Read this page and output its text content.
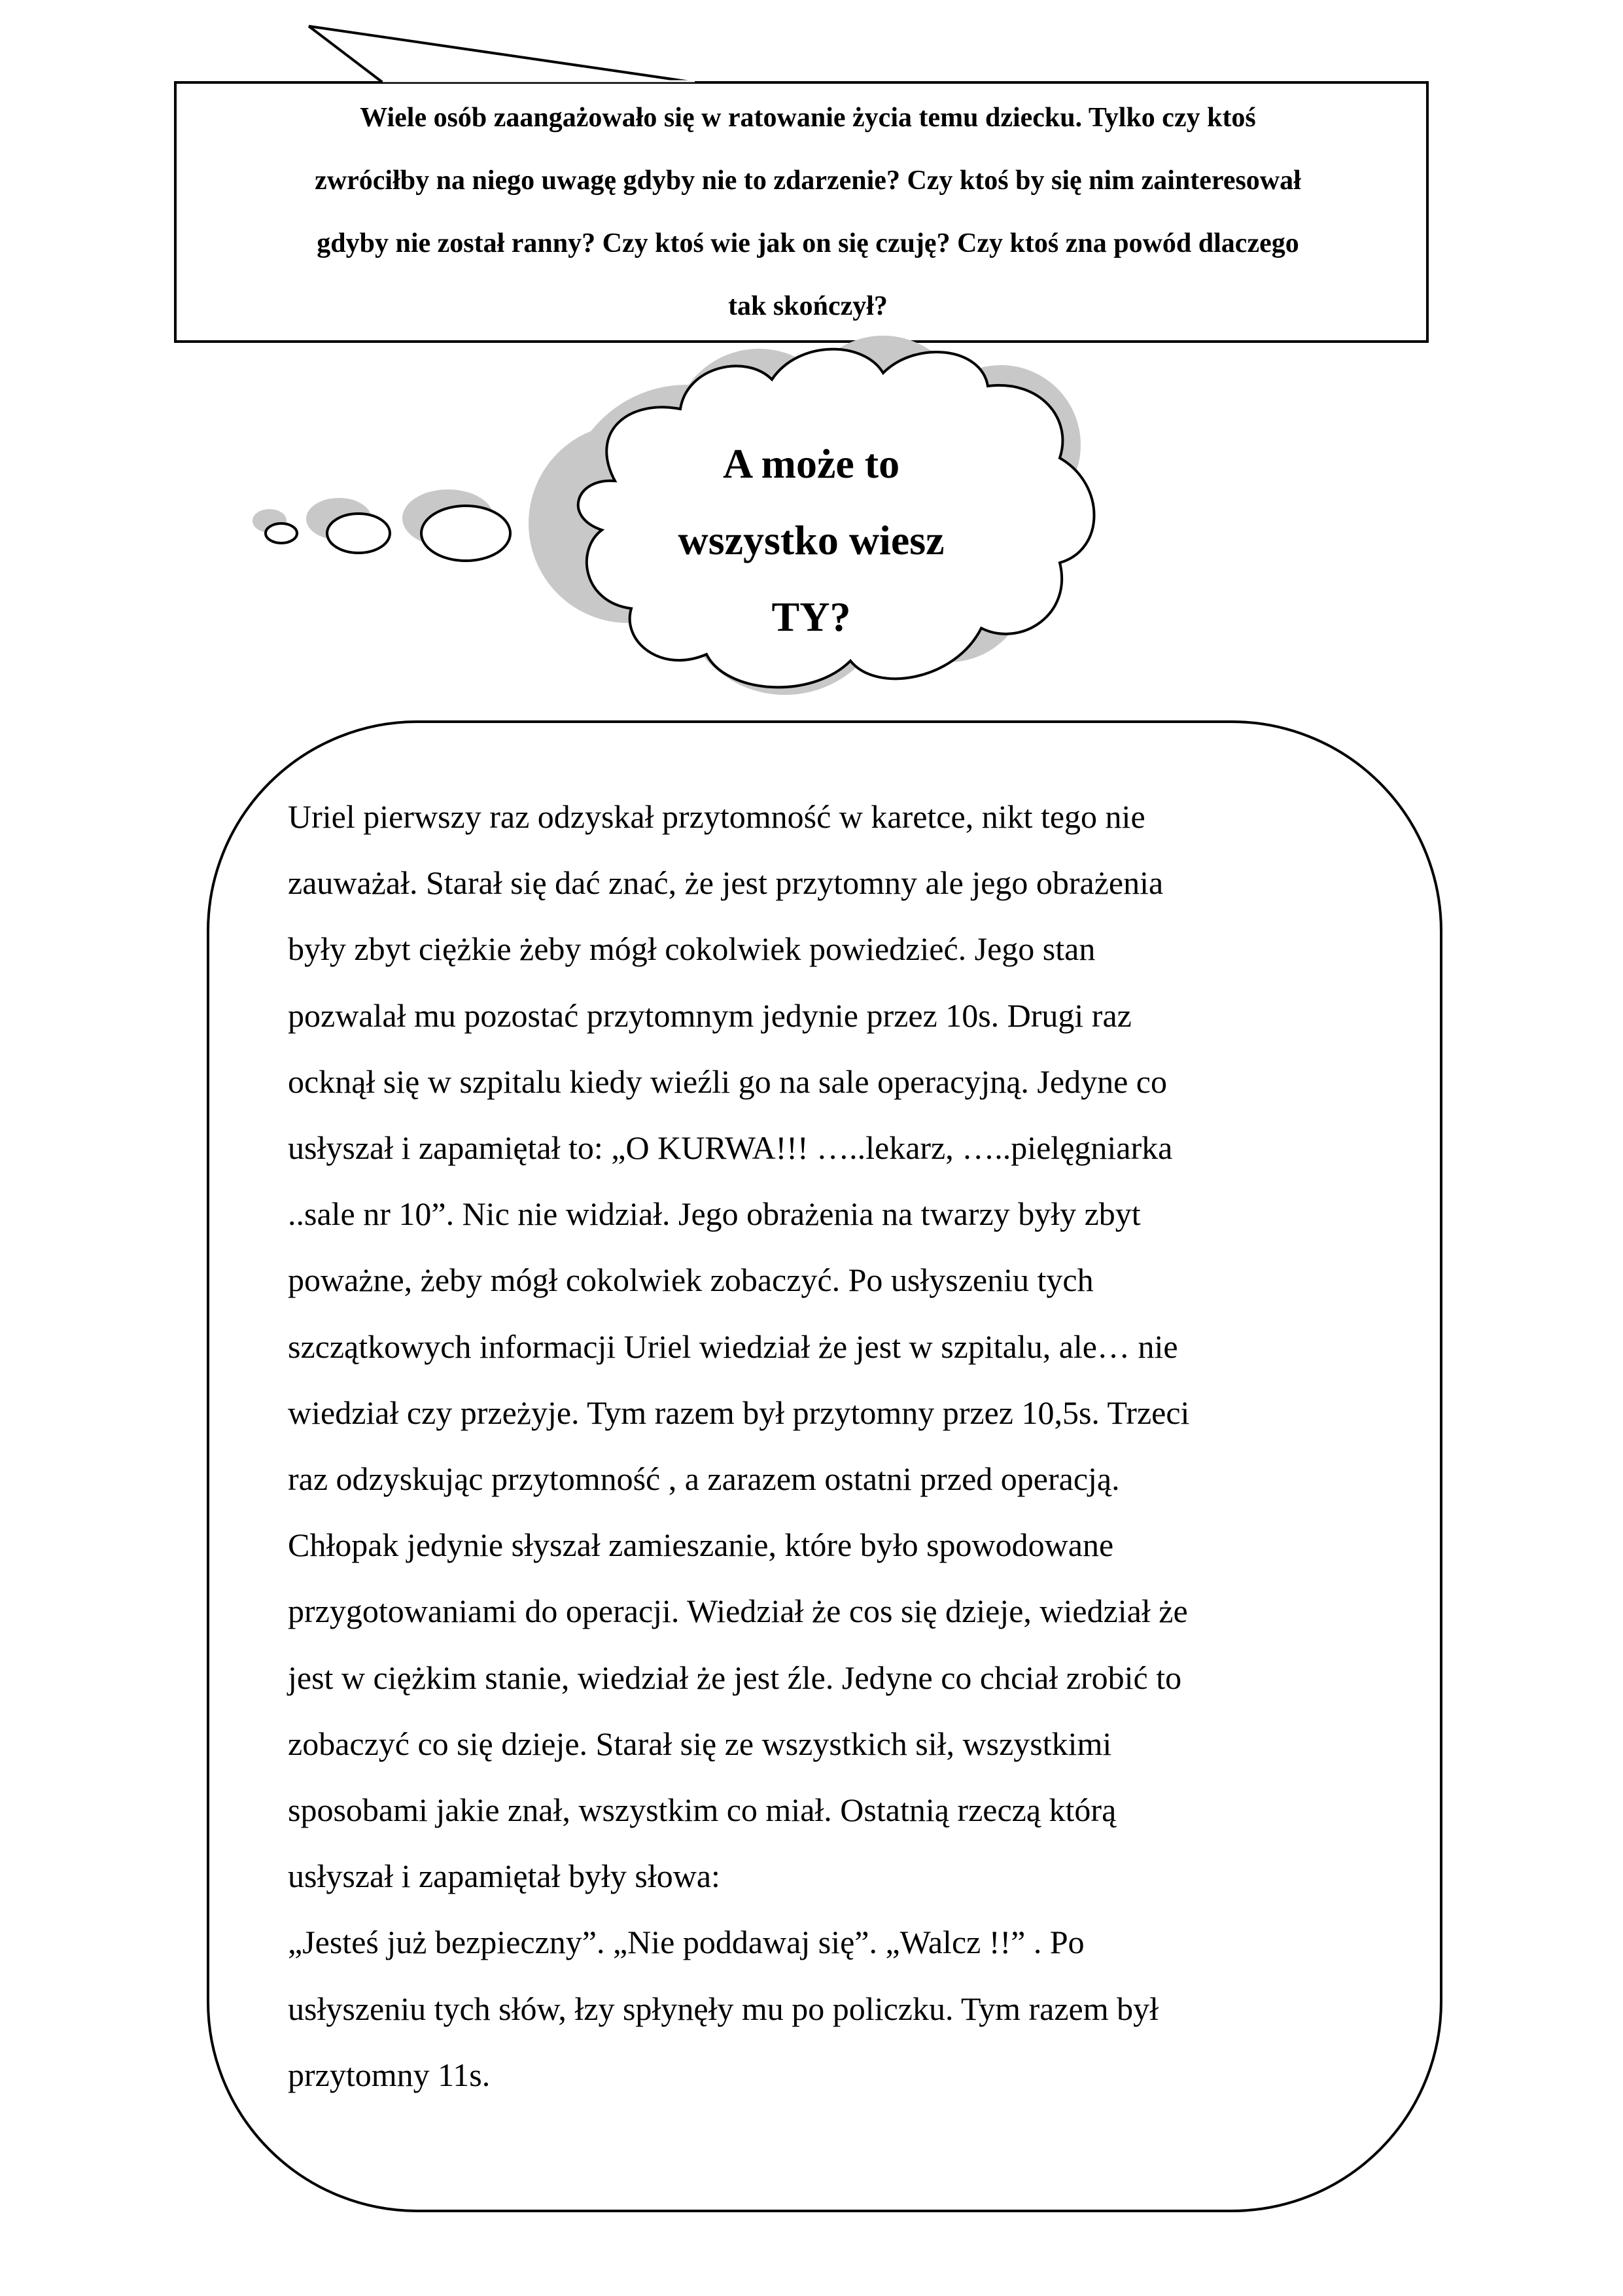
Wiele osób zaangażowało się w ratowanie życia temu dziecku. Tylko czy ktoś
zwróciłby na niego uwagę gdyby nie to zdarzenie? Czy ktoś by się nim zainteresował
gdyby nie został ranny? Czy ktoś wie jak on się czuję? Czy ktoś zna powód dlaczego
tak skończył?
A może to
wszystko wiesz
TY?
Uriel pierwszy raz odzyskał przytomność w karetce, nikt tego nie
zauważał. Starał się dać znać, że jest przytomny ale jego obrażenia
były zbyt ciężkie żeby mógł cokolwiek powiedzieć. Jego stan
pozwalał mu pozostać przytomnym jedynie przez 10s. Drugi raz
ocknął się w szpitalu kiedy wieźli go na sale operacyjną. Jedyne co
usłyszał i zapamiętał to: „O KURWA!!! …..lekarz, …..pielęgniarka
..sale nr 10”. Nic nie widział. Jego obrażenia na twarzy były zbyt
poważne, żeby mógł cokolwiek zobaczyć. Po usłyszeniu tych
szczątkowych informacji Uriel wiedział że jest w szpitalu, ale… nie
wiedział czy przeżyje. Tym razem był przytomny przez 10,5s. Trzeci
raz odzyskując przytomność , a zarazem ostatni przed operacją.
Chłopak jedynie słyszał zamieszanie, które było spowodowane
przygotowaniami do operacji. Wiedział że cos się dzieje, wiedział że
jest w ciężkim stanie, wiedział że jest źle. Jedyne co chciał zrobić to
zobaczyć co się dzieje. Starał się ze wszystkich sił, wszystkimi
sposobami jakie znał, wszystkim co miał. Ostatnią rzeczą którą
usłyszał i zapamiętał były słowa:
„Jesteś już bezpieczny”. „Nie poddawaj się”. „Walcz !!” . Po
usłyszeniu tych słów, łzy spłynęły mu po policzku. Tym razem był
przytomny 11s.
